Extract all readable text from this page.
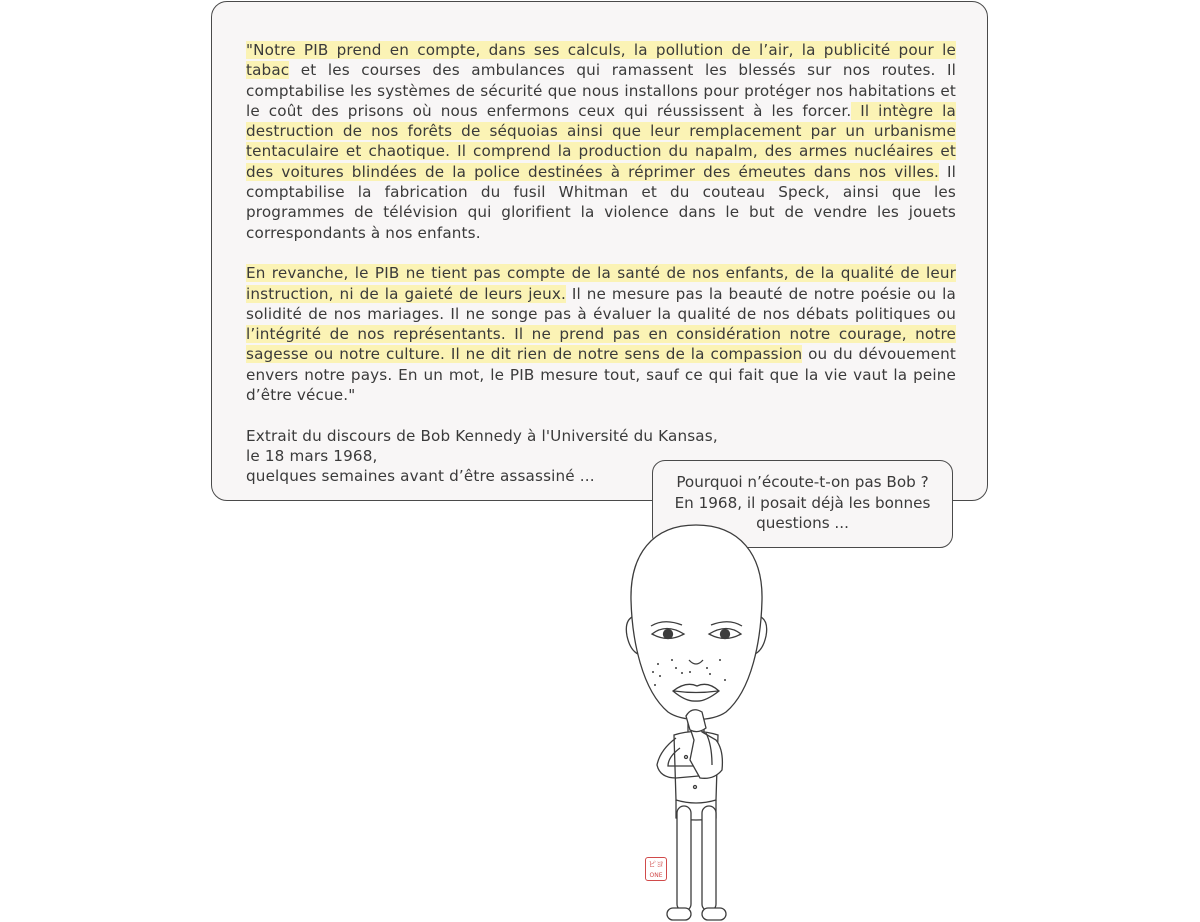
"Notre PIB prend en compte, dans ses calculs, la pollution de l’air, la publicité pour le tabac et les courses des ambulances qui ramassent les blessés sur nos routes. Il comptabilise les systèmes de sécurité que nous installons pour protéger nos habitations et le coût des prisons où nous enfermons ceux qui réussissent à les forcer. Il intègre la destruction de nos forêts de séquoias ainsi que leur remplacement par un urbanisme tentaculaire et chaotique. Il comprend la production du napalm, des armes nucléaires et des voitures blindées de la police destinées à réprimer des émeutes dans nos villes. Il comptabilise la fabrication du fusil Whitman et du couteau Speck, ainsi que les programmes de télévision qui glorifient la violence dans le but de vendre les jouets correspondants à nos enfants.

En revanche, le PIB ne tient pas compte de la santé de nos enfants, de la qualité de leur instruction, ni de la gaieté de leurs jeux. Il ne mesure pas la beauté de notre poésie ou la solidité de nos mariages. Il ne songe pas à évaluer la qualité de nos débats politiques ou l’intégrité de nos représentants. Il ne prend pas en considération notre courage, notre sagesse ou notre culture. Il ne dit rien de notre sens de la compassion ou du dévouement envers notre pays. En un mot, le PIB mesure tout, sauf ce qui fait que la vie vaut la peine d’être vécue."

Extrait du discours de Bob Kennedy à l'Université du Kansas,
le 18 mars 1968,
quelques semaines avant d’être assassiné ...	Pourquoi n’écoute-t-on pas Bob ?
En 1968, il posait déjà les bonnes
questions ...
ピヨ
ONE
